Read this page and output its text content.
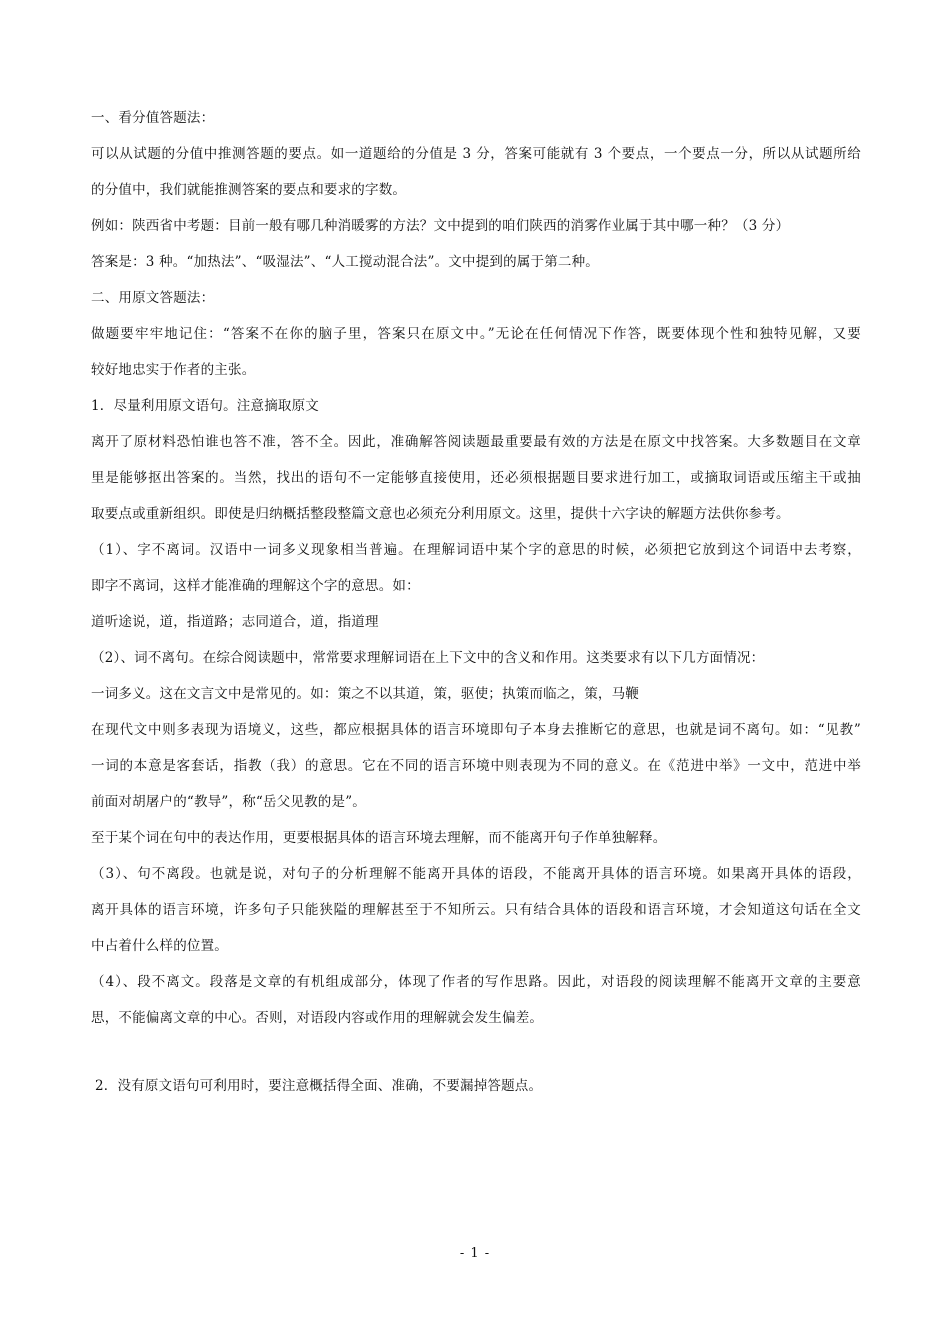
一、看分值答题法：
可以从试题的分值中推测答题的要点。如一道题给的分值是 3 分，答案可能就有 3 个要点，一个要点一分，所以从试题所给
的分值中，我们就能推测答案的要点和要求的字数。
例如：陕西省中考题：目前一般有哪几种消暖雾的方法？文中提到的咱们陕西的消雾作业属于其中哪一种？（3 分）
答案是：3 种。“加热法”、“吸湿法”、“人工搅动混合法”。文中提到的属于第二种。
二、用原文答题法：
做题要牢牢地记住：“答案不在你的脑子里，答案只在原文中。”无论在任何情况下作答，既要体现个性和独特见解，又要
较好地忠实于作者的主张。
1．尽量利用原文语句。注意摘取原文
离开了原材料恐怕谁也答不准，答不全。因此，准确解答阅读题最重要最有效的方法是在原文中找答案。大多数题目在文章
里是能够抠出答案的。当然，找出的语句不一定能够直接使用，还必须根据题目要求进行加工，或摘取词语或压缩主干或抽
取要点或重新组织。即使是归纳概括整段整篇文意也必须充分利用原文。这里，提供十六字诀的解题方法供你参考。
（1）、字不离词。汉语中一词多义现象相当普遍。在理解词语中某个字的意思的时候，必须把它放到这个词语中去考察，
即字不离词，这样才能准确的理解这个字的意思。如：
道听途说，道，指道路；志同道合，道，指道理
（2）、词不离句。在综合阅读题中，常常要求理解词语在上下文中的含义和作用。这类要求有以下几方面情况：
一词多义。这在文言文中是常见的。如：策之不以其道，策，驱使；执策而临之，策，马鞭
在现代文中则多表现为语境义，这些，都应根据具体的语言环境即句子本身去推断它的意思，也就是词不离句。如：“见教”
一词的本意是客套话，指教（我）的意思。它在不同的语言环境中则表现为不同的意义。在《范进中举》一文中，范进中举
前面对胡屠户的“教导”，称“岳父见教的是”。
至于某个词在句中的表达作用，更要根据具体的语言环境去理解，而不能离开句子作单独解释。
（3）、句不离段。也就是说，对句子的分析理解不能离开具体的语段，不能离开具体的语言环境。如果离开具体的语段，
离开具体的语言环境，许多句子只能狭隘的理解甚至于不知所云。只有结合具体的语段和语言环境，才会知道这句话在全文
中占着什么样的位置。
（4）、段不离文。段落是文章的有机组成部分，体现了作者的写作思路。因此，对语段的阅读理解不能离开文章的主要意
思，不能偏离文章的中心。否则，对语段内容或作用的理解就会发生偏差。
2．没有原文语句可利用时，要注意概括得全面、准确，不要漏掉答题点。
- 1 -
